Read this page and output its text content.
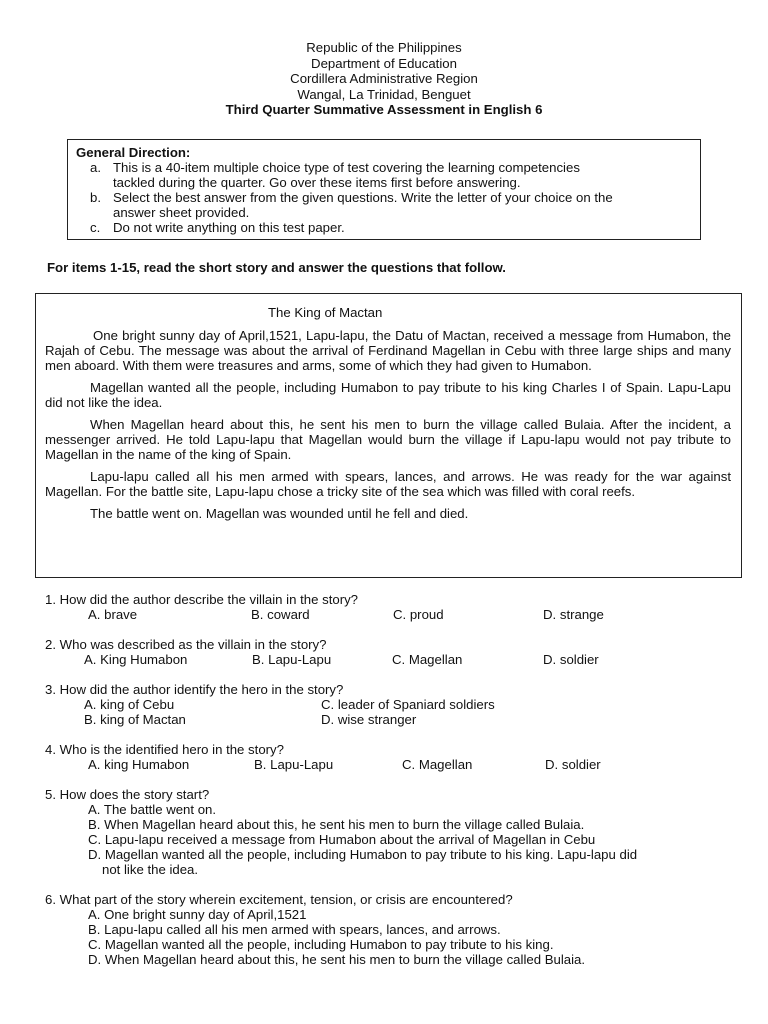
Republic of the Philippines
Department of Education
Cordillera Administrative Region
Wangal, La Trinidad, Benguet
Third Quarter Summative Assessment in English 6
General Direction:
a. This is a 40-item multiple choice type of test covering the learning competencies
tackled during the quarter. Go over these items first before answering.
b. Select the best answer from the given questions. Write the letter of your choice on the
answer sheet provided.
c. Do not write anything on this test paper.
For items 1-15, read the short story and answer the questions that follow.
The King of Mactan

One bright sunny day of April,1521, Lapu-lapu, the Datu of Mactan, received a message from Humabon, the Rajah of Cebu. The message was about the arrival of Ferdinand Magellan in Cebu with three large ships and many men aboard. With them were treasures and arms, some of which they had given to Humabon.

Magellan wanted all the people, including Humabon to pay tribute to his king Charles I of Spain. Lapu-Lapu did not like the idea.

When Magellan heard about this, he sent his men to burn the village called Bulaia. After the incident, a messenger arrived. He told Lapu-lapu that Magellan would burn the village if Lapu-lapu would not pay tribute to Magellan in the name of the king of Spain.

Lapu-lapu called all his men armed with spears, lances, and arrows. He was ready for the war against Magellan. For the battle site, Lapu-lapu chose a tricky site of the sea which was filled with coral reefs.

The battle went on. Magellan was wounded until he fell and died.

1. How did the author describe the villain in the story?
A. brave	B. coward	C. proud	D. strange
2. Who was described as the villain in the story?
A. King Humabon	B. Lapu-Lapu	C. Magellan	D. soldier
3. How did the author identify the hero in the story?
A. king of Cebu	C. leader of Spaniard soldiers
B. king of Mactan	D. wise stranger
4. Who is the identified hero in the story?
A. king Humabon	B. Lapu-Lapu	C. Magellan	D. soldier
5. How does the story start?
A. The battle went on.
B. When Magellan heard about this, he sent his men to burn the village called Bulaia.
C. Lapu-lapu received a message from Humabon about the arrival of Magellan in Cebu
D. Magellan wanted all the people, including Humabon to pay tribute to his king. Lapu-lapu did
not like the idea.
6. What part of the story wherein excitement, tension, or crisis are encountered?
A. One bright sunny day of April,1521
B. Lapu-lapu called all his men armed with spears, lances, and arrows.
C. Magellan wanted all the people, including Humabon to pay tribute to his king.
D. When Magellan heard about this, he sent his men to burn the village called Bulaia.
